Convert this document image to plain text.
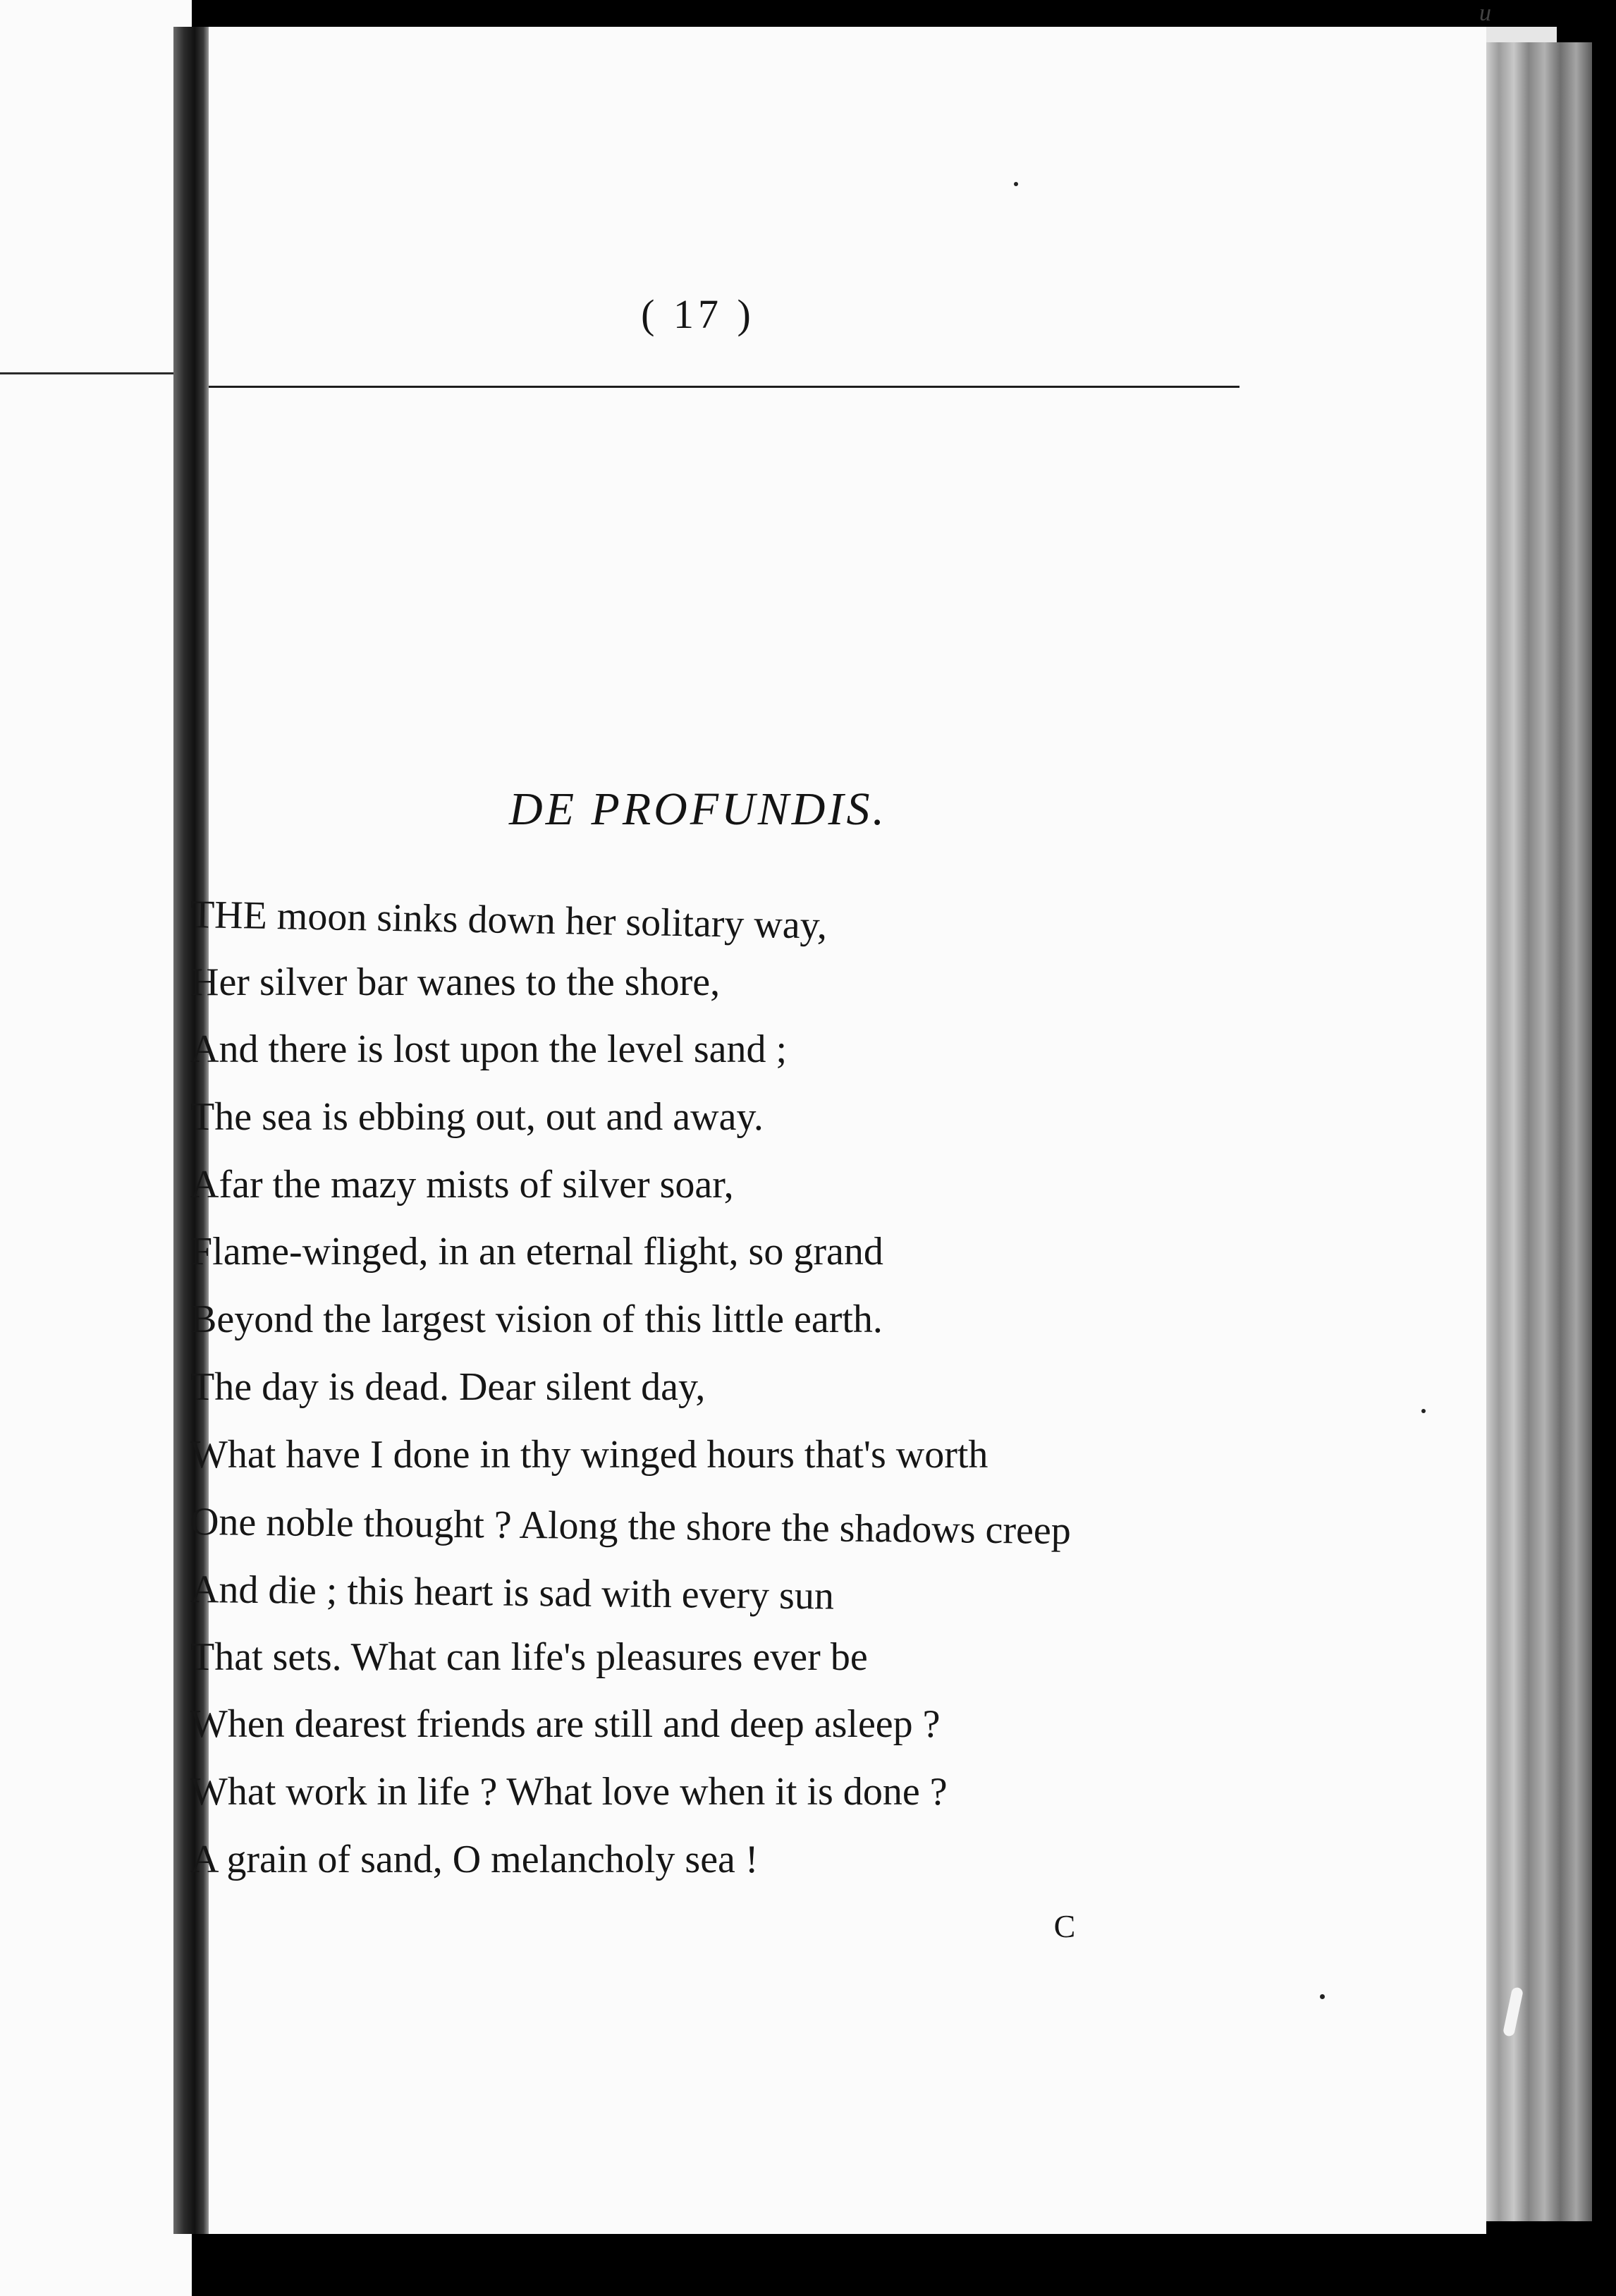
u
( 17 )
DE PROFUNDIS.
THE moon sinks down her solitary way,
Her silver bar wanes to the shore,
And there is lost upon the level sand ;
The sea is ebbing out, out and away.
Afar the mazy mists of silver soar,
Flame-winged, in an eternal flight, so grand
Beyond the largest vision of this little earth.
The day is dead. Dear silent day,
What have I done in thy winged hours that's worth
One noble thought ? Along the shore the shadows creep
And die ; this heart is sad with every sun
That sets. What can life's pleasures ever be
When dearest friends are still and deep asleep ?
What work in life ? What love when it is done ?
A grain of sand, O melancholy sea !
C
